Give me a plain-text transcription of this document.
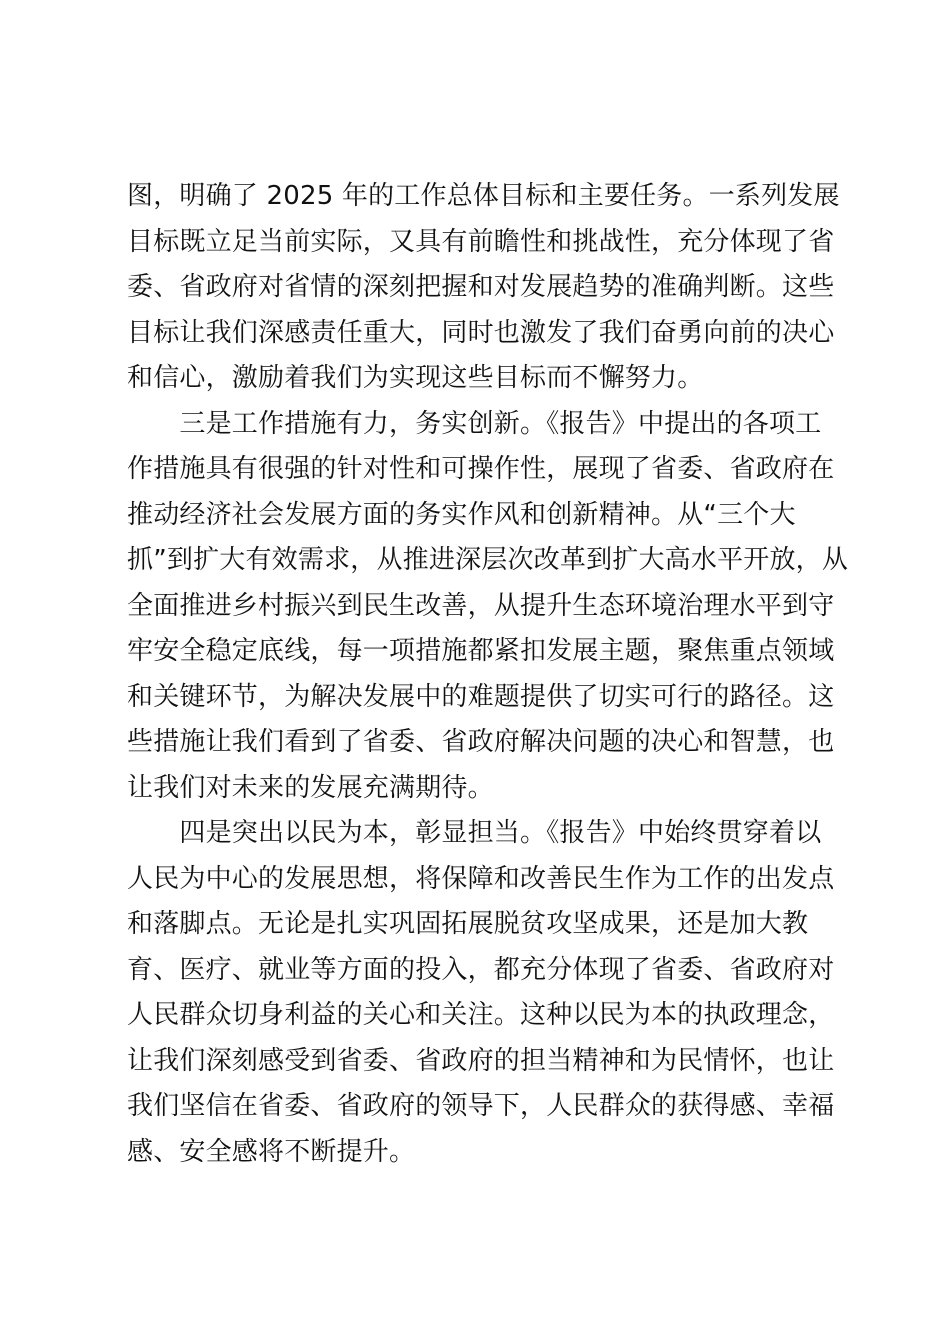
图，明确了 2025 年的工作总体目标和主要任务。一系列发展
目标既立足当前实际，又具有前瞻性和挑战性，充分体现了省
委、省政府对省情的深刻把握和对发展趋势的准确判断。这些
目标让我们深感责任重大，同时也激发了我们奋勇向前的决心
和信心，激励着我们为实现这些目标而不懈努力。
　　三是工作措施有力，务实创新。《报告》中提出的各项工
作措施具有很强的针对性和可操作性，展现了省委、省政府在
推动经济社会发展方面的务实作风和创新精神。从“三个大
抓”到扩大有效需求，从推进深层次改革到扩大高水平开放，从
全面推进乡村振兴到民生改善，从提升生态环境治理水平到守
牢安全稳定底线，每一项措施都紧扣发展主题，聚焦重点领域
和关键环节，为解决发展中的难题提供了切实可行的路径。这
些措施让我们看到了省委、省政府解决问题的决心和智慧，也
让我们对未来的发展充满期待。
　　四是突出以民为本，彰显担当。《报告》中始终贯穿着以
人民为中心的发展思想，将保障和改善民生作为工作的出发点
和落脚点。无论是扎实巩固拓展脱贫攻坚成果，还是加大教
育、医疗、就业等方面的投入，都充分体现了省委、省政府对
人民群众切身利益的关心和关注。这种以民为本的执政理念，
让我们深刻感受到省委、省政府的担当精神和为民情怀，也让
我们坚信在省委、省政府的领导下，人民群众的获得感、幸福
感、安全感将不断提升。
